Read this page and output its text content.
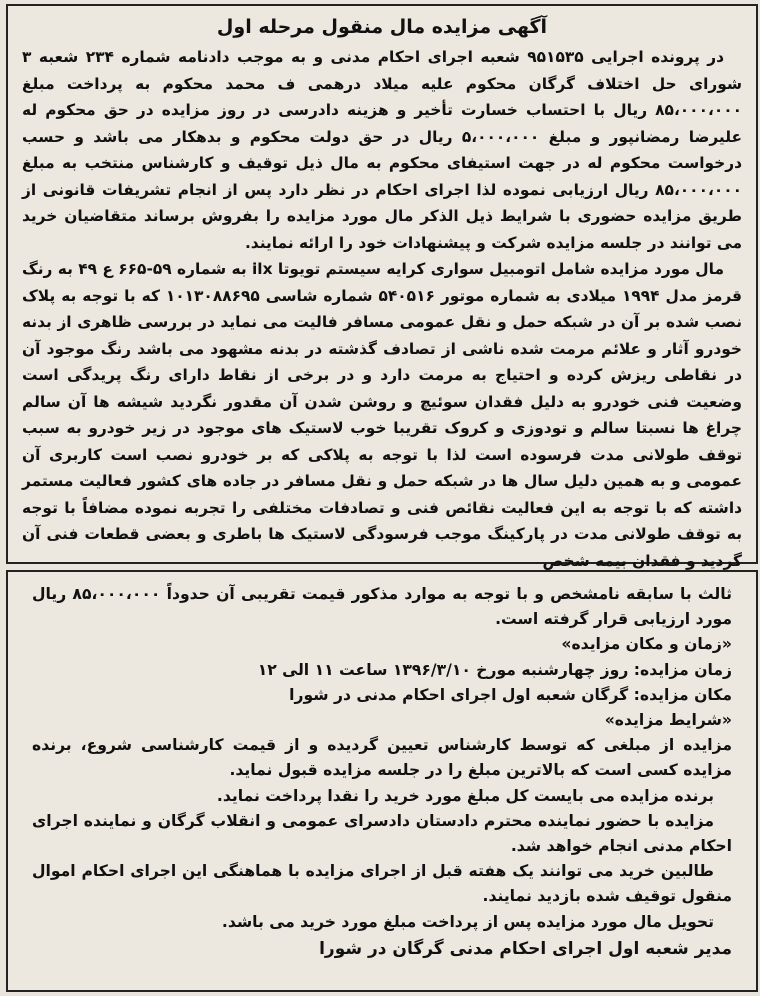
آگهی مزایده مال منقول مرحله اول

در پرونده اجرایی ۹۵۱۵۳۵ شعبه اجرای احکام مدنی و به موجب دادنامه شماره ۲۳۴ شعبه ۳ شورای حل اختلاف گرگان محکوم علیه میلاد درهمی ف محمد محکوم به پرداخت مبلغ ۸۵،۰۰۰،۰۰۰ ریال با احتساب خسارت تأخیر و هزینه دادرسی در روز مزایده در حق محکوم له علیرضا رمضانپور و مبلغ ۵،۰۰۰،۰۰۰ ریال در حق دولت محکوم و بدهکار می باشد و حسب درخواست محکوم له در جهت استیفای محکوم به مال ذیل توقیف و کارشناس منتخب به مبلغ ۸۵،۰۰۰،۰۰۰ ریال ارزیابی نموده لذا اجرای احکام در نظر دارد پس از انجام تشریفات قانونی از طریق مزایده حضوری با شرایط ذیل الذکر مال مورد مزایده را بفروش برساند متقاضیان خرید می توانند در جلسه مزایده شرکت و پیشنهادات خود را ارائه نمایند.

مال مورد مزایده شامل اتومبیل سواری کرایه سیستم تویوتا ilx به شماره ۵۹-۶۶۵ ع ۴۹ به رنگ قرمز مدل ۱۹۹۴ میلادی به شماره موتور ۵۴۰۵۱۶ شماره شاسی ۱۰۱۳۰۸۸۶۹۵ که با توجه به پلاک نصب شده بر آن در شبکه حمل و نقل عمومی مسافر فالیت می نماید در بررسی ظاهری از بدنه خودرو آثار و علائم مرمت شده ناشی از تصادف گذشته در بدنه مشهود می باشد رنگ موجود آن در نقاطی ریزش کرده و احتیاج به مرمت دارد و در برخی از نقاط دارای رنگ پریدگی است وضعیت فنی خودرو به دلیل فقدان سوئیچ و روشن شدن آن مقدور نگردید شیشه ها آن سالم چراغ ها نسبتا سالم و تودوزی و کروک تقریبا خوب لاستیک های موجود در زیر خودرو به سبب توقف طولانی مدت فرسوده است لذا با توجه به پلاکی که بر خودرو نصب است کاربری آن عمومی و به همین دلیل سال ها در شبکه حمل و نقل مسافر در جاده های کشور فعالیت مستمر داشته که با توجه به این فعالیت نقائص فنی و تصادفات مختلفی را تجربه نموده مضافاً با توجه به توقف طولانی مدت در پارکینگ موجب فرسودگی لاستیک ها باطری و بعضی قطعات فنی آن گردید و فقدان بیمه شخص

ثالث با سابقه نامشخص و با توجه به موارد مذکور قیمت تقریبی آن حدوداً ۸۵،۰۰۰،۰۰۰ ریال مورد ارزیابی قرار گرفته است.

«زمان و مکان مزایده»

زمان مزایده: روز چهارشنبه مورخ ۱۳۹۶/۳/۱۰ ساعت ۱۱ الی ۱۲

مکان مزایده: گرگان شعبه اول اجرای احکام مدنی در شورا

«شرایط مزایده»

مزایده از مبلغی که توسط کارشناس تعیین گردیده و از قیمت کارشناسی شروع، برنده مزایده کسی است که بالاترین مبلغ را در جلسه مزایده قبول نماید.

برنده مزایده می بایست کل مبلغ مورد خرید را نقدا پرداخت نماید.

مزایده با حضور نماینده محترم دادستان دادسرای عمومی و انقلاب گرگان و نماینده اجرای احکام مدنی انجام خواهد شد.

طالبین خرید می توانند یک هفته قبل از اجرای مزایده با هماهنگی این اجرای احکام اموال منقول توقیف شده بازدید نمایند.

تحویل مال مورد مزایده پس از پرداخت مبلغ مورد خرید می باشد.

مدیر شعبه اول اجرای احکام مدنی گرگان در شورا
